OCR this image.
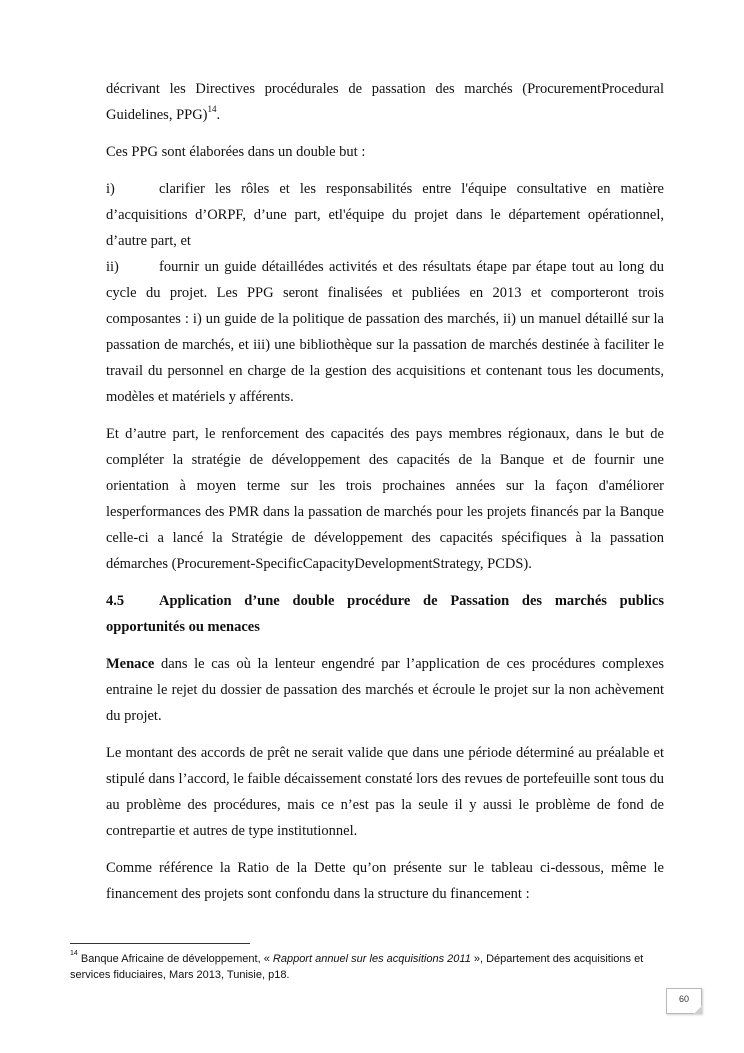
décrivant les Directives procédurales de passation des marchés (ProcurementProcedural Guidelines, PPG)$^{14}$.

Ces PPG sont élaborées dans un double but :

i)	clarifier les rôles et les responsabilités entre l'équipe consultative en matière d’acquisitions d’ORPF, d’une part, etl'équipe du projet dans le département opérationnel, d’autre part, et

ii)	fournir un guide détaillédes activités et des résultats étape par étape tout au long du cycle du projet. Les PPG seront finalisées et publiées en 2013 et comporteront trois composantes : i) un guide de la politique de passation des marchés, ii) un manuel détaillé sur la passation de marchés, et iii) une bibliothèque sur la passation de marchés destinée à faciliter le travail du personnel en charge de la gestion des acquisitions et contenant tous les documents, modèles et matériels y afférents.

Et d’autre part, le renforcement des capacités des pays membres régionaux, dans le but de compléter la stratégie de développement des capacités de la Banque et de fournir une orientation à moyen terme sur les trois prochaines années sur la façon d'améliorer lesperformances des PMR dans la passation de marchés pour les projets financés par la Banque celle-ci a lancé la Stratégie de développement des capacités spécifiques à la passation démarches (Procurement-SpecificCapacityDevelopmentStrategy, PCDS).

4.5 Application d’une double procédure de Passation des marchés publics opportunités ou menaces

Menace dans le cas où la lenteur engendré par l’application de ces procédures complexes entraine le rejet du dossier de passation des marchés et écroule le projet sur la non achèvement du projet.

Le montant des accords de prêt ne serait valide que dans une période déterminé au préalable et stipulé dans l’accord, le faible décaissement constaté lors des revues de portefeuille sont tous du au problème des procédures, mais ce n’est pas la seule il y aussi le problème de fond de contrepartie et autres de type institutionnel.

Comme référence la Ratio de la Dette qu’on présente sur le tableau ci-dessous, même le financement des projets sont confondu dans la structure du financement :

$^{14}$ Banque Africaine de développement, « Rapport annuel sur les acquisitions 2011 », Département des acquisitions et services fiduciaires, Mars 2013, Tunisie, p18.
60
